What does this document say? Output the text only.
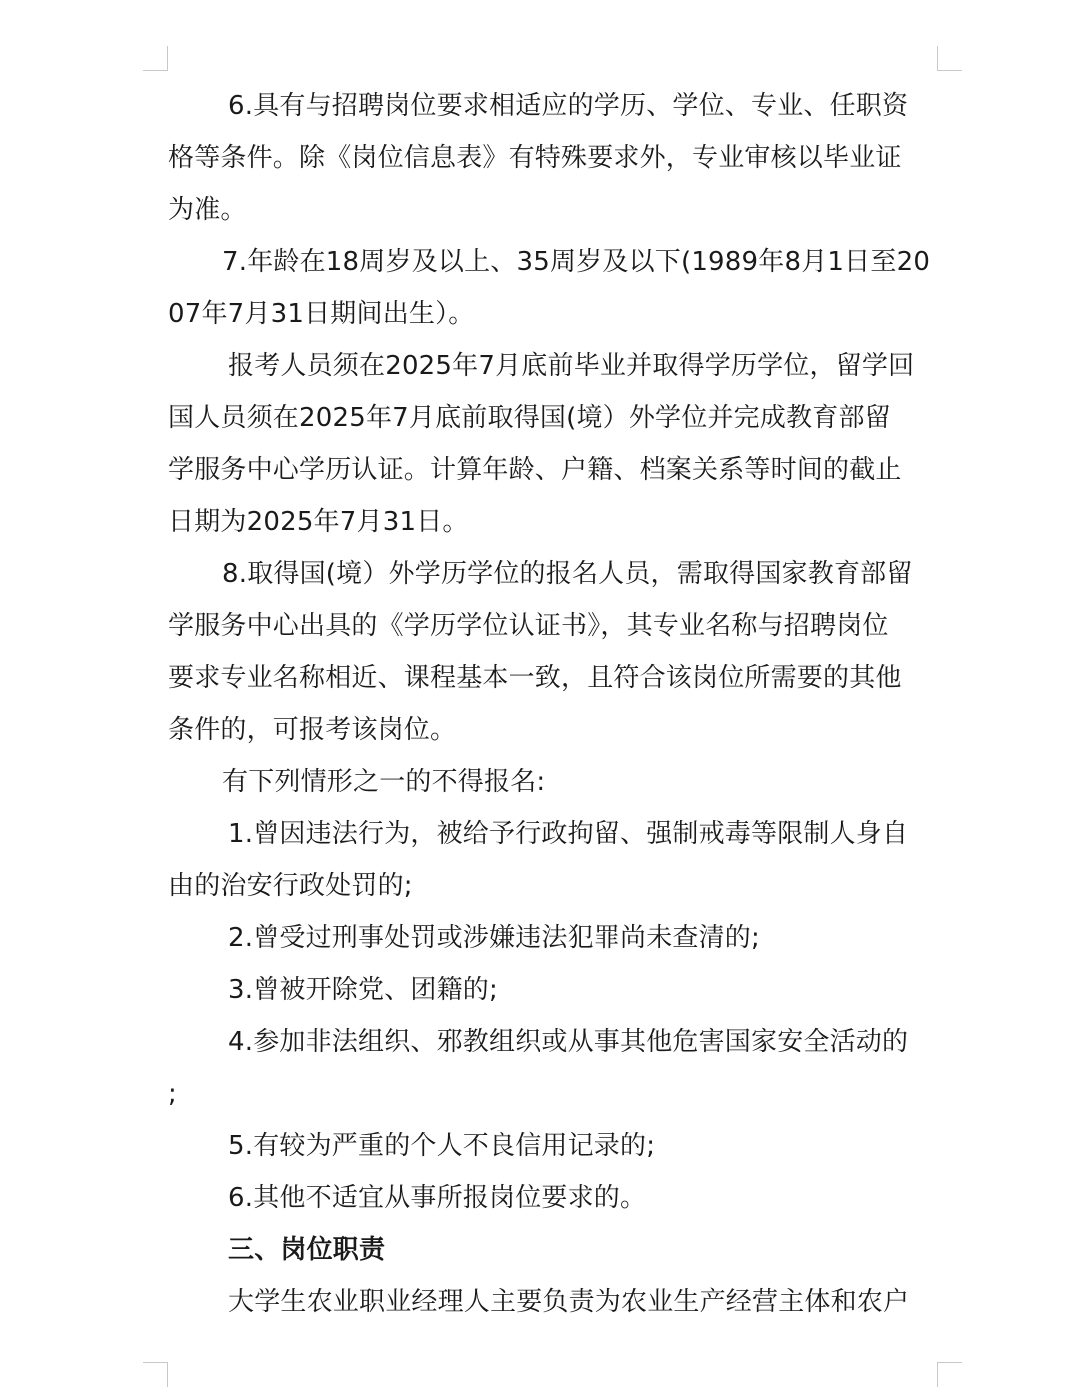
6.具有与招聘岗位要求相适应的学历、学位、专业、任职资
格等条件。除《岗位信息表》有特殊要求外，专业审核以毕业证
为准。
7.年龄在18周岁及以上、35周岁及以下(1989年8月1日至20
07年7月31日期间出生）。
报考人员须在2025年7月底前毕业并取得学历学位，留学回
国人员须在2025年7月底前取得国(境）外学位并完成教育部留
学服务中心学历认证。计算年龄、户籍、档案关系等时间的截止
日期为2025年7月31日。
8.取得国(境）外学历学位的报名人员，需取得国家教育部留
学服务中心出具的《学历学位认证书》，其专业名称与招聘岗位
要求专业名称相近、课程基本一致，且符合该岗位所需要的其他
条件的，可报考该岗位。
有下列情形之一的不得报名:
1.曾因违法行为，被给予行政拘留、强制戒毒等限制人身自
由的治安行政处罚的;
2.曾受过刑事处罚或涉嫌违法犯罪尚未查清的;
3.曾被开除党、团籍的;
4.参加非法组织、邪教组织或从事其他危害国家安全活动的
;
5.有较为严重的个人不良信用记录的;
6.其他不适宜从事所报岗位要求的。
三、岗位职责
大学生农业职业经理人主要负责为农业生产经营主体和农户
